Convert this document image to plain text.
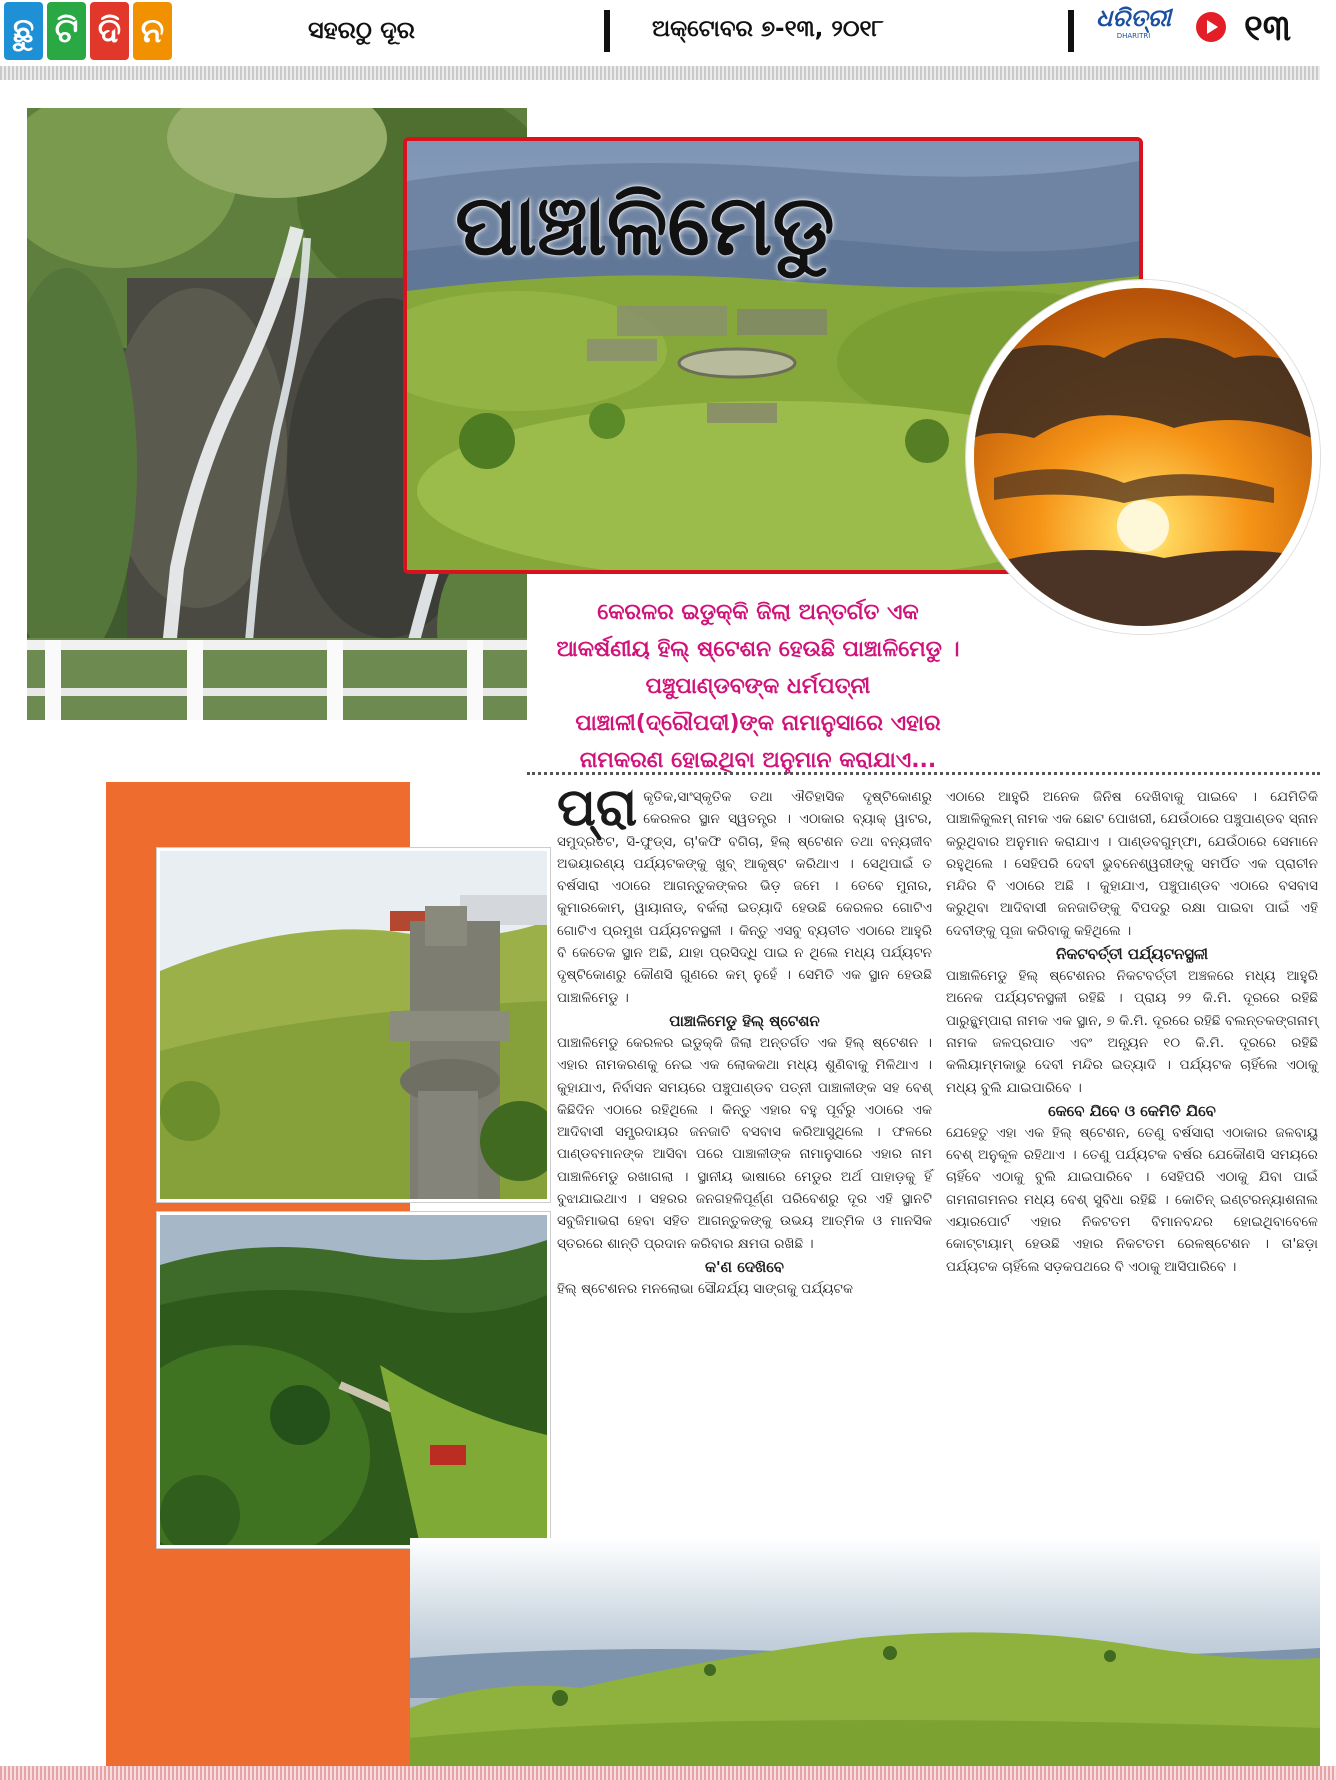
ଛୁ ଟି ଦି ନ	ସହରଠୁ ଦୂର	ଅକ୍ଟୋବର ୭-୧୩, ୨୦୧୮	ଧରିତ୍ରୀ
DHARITRI	୧୩
ପାଞ୍ଚାଳିମେଡୁ
କେରଳର ଇଡୁକ୍କି ଜିଲା ଅନ୍ତର୍ଗତ ଏକ ଆକର୍ଷଣୀୟ ହିଲ୍ ଷ୍ଟେଶନ ହେଉଛି ପାଞ୍ଚାଳିମେଡୁ । ପଞ୍ଚୁପାଣ୍ଡବଙ୍କ ଧର୍ମପତ୍ନୀ ପାଞ୍ଚାଳୀ(ଦ୍ରୌପଦୀ)ଙ୍କ ନାମାନୁସାରେ ଏହାର ନାମକରଣ ହୋଇଥିବା ଅନୁମାନ କରାଯାଏ...
ପ୍ରା କୃତିକ,ସାଂସ୍କୃତିକ ତଥା ଐତିହାସିକ ଦୃଷ୍ଟିକୋଣରୁ କେରଳର ସ୍ଥାନ ସ୍ୱତନ୍ତ୍ର । ଏଠାକାର ବ୍ୟାକ୍ ୱାଟର, ସମୁଦ୍ରତଟ, ସି-ଫୁଡ୍ସ, ଚା'କଫି ବଗିଚା, ହିଲ୍ ଷ୍ଟେଶନ ତଥା ବନ୍ୟଜୀବ ଅଭୟାରଣ୍ୟ ପର୍ଯ୍ୟଟକଙ୍କୁ ଖୁବ୍ ଆକୃଷ୍ଟ କରିଥାଏ । ସେଥିପାଇଁ ତ ବର୍ଷସାରା ଏଠାରେ ଆଗନ୍ତୁକଙ୍କର ଭିଡ଼ ଜମେ । ତେବେ ମୁନାର, କୁମାରକୋମ୍, ୱାୟାନାଡ୍, ବର୍କଲା ଇତ୍ୟାଦି ହେଉଛି କେରଳର ଗୋଟିଏ ଗୋଟିଏ ପ୍ରମୁଖ ପର୍ଯ୍ୟଟନସ୍ଥଳୀ । କିନ୍ତୁ ଏସବୁ ବ୍ୟତୀତ ଏଠାରେ ଆହୁରି ବି କେତେକ ସ୍ଥାନ ଅଛି, ଯାହା ପ୍ରସିଦ୍ଧି ପାଇ ନ ଥିଲେ ମଧ୍ୟ ପର୍ଯ୍ୟଟନ ଦୃଷ୍ଟିକୋଣରୁ କୌଣସି ଗୁଣରେ କମ୍ ନୁହେଁ । ସେମିତି ଏକ ସ୍ଥାନ ହେଉଛି ପାଞ୍ଚାଳିମେଡୁ ।

ପାଞ୍ଚାଳିମେଡୁ ହିଲ୍ ଷ୍ଟେଶନ

ପାଞ୍ଚାଳିମେଡୁ କେରଳର ଇଡୁକ୍କି ଜିଲା ଅନ୍ତର୍ଗତ ଏକ ହିଲ୍ ଷ୍ଟେଶନ । ଏହାର ନାମକରଣକୁ ନେଇ ଏକ ଲୋକକଥା ମଧ୍ୟ ଶୁଣିବାକୁ ମିଳିଥାଏ । କୁହାଯାଏ, ନିର୍ବାସନ ସମୟରେ ପଞ୍ଚୁପାଣ୍ଡବ ପତ୍ନୀ ପାଞ୍ଚାଳୀଙ୍କ ସହ ବେଶ୍ କିଛିଦିନ ଏଠାରେ ରହିଥିଲେ । କିନ୍ତୁ ଏହାର ବହୁ ପୂର୍ବରୁ ଏଠାରେ ଏକ ଆଦିବାସୀ ସମ୍ପ୍ରଦାୟର ଜନଜାତି ବସବାସ କରିଆସୁଥିଲେ । ଫଳରେ ପାଣ୍ଡବମାନଙ୍କ ଆସିବା ପରେ ପାଞ୍ଚାଳୀଙ୍କ ନାମାନୁସାରେ ଏହାର ନାମ ପାଞ୍ଚାଳିମେଡୁ ରଖାଗଲା । ସ୍ଥାନୀୟ ଭାଷାରେ ମେଡୁର ଅର୍ଥ ପାହାଡ଼କୁ ହିଁ ବୁଝାଯାଇଥାଏ । ସହରର ଜନଗହଳିପୂର୍ଣ୍ଣ ପରିବେଶରୁ ଦୂର ଏହି ସ୍ଥାନଟି ସବୁଜିମାଭରା ହେବା ସହିତ ଆଗନ୍ତୁକଙ୍କୁ ଉଭୟ ଆତ୍ମିକ ଓ ମାନସିକ ସ୍ତରରେ ଶାନ୍ତି ପ୍ରଦାନ କରିବାର କ୍ଷମତା ରଖିଛି ।

କ'ଣ ଦେଖିବେ

ହିଲ୍ ଷ୍ଟେଶନର ମନଲୋଭା ସୌନ୍ଦର୍ଯ୍ୟ ସାଙ୍ଗକୁ ପର୍ଯ୍ୟଟକ

ଏଠାରେ ଆହୁରି ଅନେକ ଜିନିଷ ଦେଖିବାକୁ ପାଇବେ । ଯେମିତିକି ପାଞ୍ଚାଳିକୁଲମ୍ ନାମକ ଏକ ଛୋଟ ପୋଖରୀ, ଯେଉଁଠାରେ ପଞ୍ଚୁପାଣ୍ଡବ ସ୍ନାନ କରୁଥିବାର ଅନୁମାନ କରାଯାଏ । ପାଣ୍ଡବଗୁମ୍ଫା, ଯେଉଁଠାରେ ସେମାନେ ରହୁଥିଲେ । ସେହିପରି ଦେବୀ ଭୁବନେଶ୍ୱରୀଙ୍କୁ ସମର୍ପିତ ଏକ ପ୍ରାଚୀନ ମନ୍ଦିର ବି ଏଠାରେ ଅଛି । କୁହାଯାଏ, ପଞ୍ଚୁପାଣ୍ଡବ ଏଠାରେ ବସବାସ କରୁଥିବା ଆଦିବାସୀ ଜନଜାତିଙ୍କୁ ବିପଦରୁ ରକ୍ଷା ପାଇବା ପାଇଁ ଏହି ଦେବୀଙ୍କୁ ପୂଜା କରିବାକୁ କହିଥିଲେ ।

ନିକଟବର୍ତ୍ତୀ ପର୍ଯ୍ୟଟନସ୍ଥଳୀ

ପାଞ୍ଚାଳିମେଡୁ ହିଲ୍ ଷ୍ଟେଶନର ନିକଟବର୍ତ୍ତୀ ଅଞ୍ଚଳରେ ମଧ୍ୟ ଆହୁରି ଅନେକ ପର୍ଯ୍ୟଟନସ୍ଥଳୀ ରହିଛି । ପ୍ରାୟ ୨୨ କି.ମି. ଦୂରରେ ରହିଛି ପାରୁନ୍ଥୁମ୍ପାରା ନାମକ ଏକ ସ୍ଥାନ, ୭ କି.ମି. ଦୂରରେ ରହିଛି ବଲନ୍ତକଙ୍ଗନାମ୍ ନାମକ ଜଳପ୍ରପାତ ଏବଂ ଅନ୍ୟୂନ ୧୦ କି.ମି. ଦୂରରେ ରହିଛି କଲିୟାମ୍ମକାଭୁ ଦେବୀ ମନ୍ଦିର ଇତ୍ୟାଦି । ପର୍ଯ୍ୟଟକ ଚାହିଁଲେ ଏଠାକୁ ମଧ୍ୟ ବୁଲି ଯାଇପାରିବେ ।

କେବେ ଯିବେ ଓ କେମିତି ଯିବେ

ଯେହେତୁ ଏହା ଏକ ହିଲ୍ ଷ୍ଟେଶନ, ତେଣୁ ବର୍ଷସାରା ଏଠାକାର ଜଳବାୟୁ ବେଶ୍ ଅନୁକୂଳ ରହିଥାଏ । ତେଣୁ ପର୍ଯ୍ୟଟକ ବର୍ଷର ଯେକୌଣସି ସମୟରେ ଚାହିଁବେ ଏଠାକୁ ବୁଲି ଯାଇପାରିବେ । ସେହିପରି ଏଠାକୁ ଯିବା ପାଇଁ ଗମନାଗମନର ମଧ୍ୟ ବେଶ୍ ସୁବିଧା ରହିଛି । କୋଚିନ୍ ଇଣ୍ଟରନ୍ୟାଶନାଲ ଏୟାରପୋର୍ଟ ଏହାର ନିକଟତମ ବିମାନବନ୍ଦର ହୋଇଥିବାବେଳେ କୋଟ୍ଟାୟାମ୍ ହେଉଛି ଏହାର ନିକଟତମ ରେଳଷ୍ଟେଶନ । ତା'ଛଡ଼ା ପର୍ଯ୍ୟଟକ ଚାହିଁଲେ ସଡ଼କପଥରେ ବି ଏଠାକୁ ଆସିପାରିବେ ।
